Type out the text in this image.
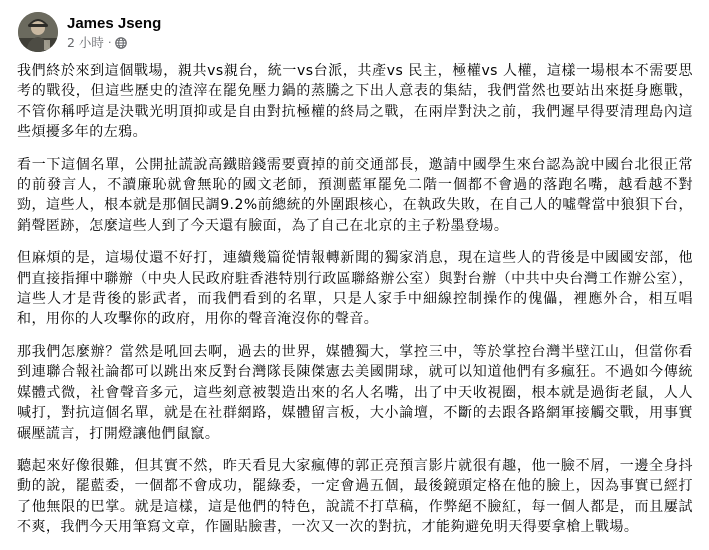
James Jseng
2 小時 ·

我們終於來到這個戰場，親共vs親台，統一vs台派，共產vs 民主，極權vs 人權，這樣一場根本不需要思考的戰役，但這些歷史的渣滓在罷免壓力鍋的蒸騰之下出人意表的集結，我們當然也要站出來挺身應戰，不管你稱呼這是決戰光明頂抑或是自由對抗極權的終局之戰，在兩岸對決之前，我們遲早得要清理島內這些煩擾多年的左鴉。

看一下這個名單，公開扯謊說高鐵賠錢需要賣掉的前交通部長，邀請中國學生來台認為說中國台北很正常的前發言人，不讀廉恥就會無恥的國文老師，預測藍軍罷免二階一個都不會過的落跑名嘴，越看越不對勁，這些人，根本就是那個民調9.2%前總統的外圍跟核心，在執政失敗，在自己人的噓聲當中狼狽下台，銷聲匿跡，怎麼這些人到了今天還有臉面，為了自己在北京的主子粉墨登場。

但麻煩的是，這場仗還不好打，連續幾篇從情報轉新聞的獨家消息，現在這些人的背後是中國國安部，他們直接指揮中聯辦（中央人民政府駐香港特別行政區聯絡辦公室）與對台辦（中共中央台灣工作辦公室），這些人才是背後的影武者，而我們看到的名單，只是人家手中細線控制操作的傀儡，裡應外合，相互唱和，用你的人攻擊你的政府，用你的聲音淹沒你的聲音。

那我們怎麼辦？當然是吼回去啊，過去的世界，媒體獨大，掌控三中，等於掌控台灣半壁江山，但當你看到連聯合報社論都可以跳出來反對台灣隊長陳傑憲去美國開球，就可以知道他們有多瘋狂。不過如今傳統媒體式微，社會聲音多元，這些刻意被製造出來的名人名嘴，出了中天收視圈，根本就是過街老鼠，人人喊打，對抗這個名單，就是在社群網路，媒體留言板，大小論壇，不斷的去跟各路網軍接觸交戰，用事實碾壓謊言，打開燈讓他們鼠竄。

聽起來好像很難，但其實不然，昨天看見大家瘋傳的郭正亮預言影片就很有趣，他一臉不屑，一邊全身抖動的說，罷藍委，一個都不會成功，罷綠委，一定會過五個，最後鏡頭定格在他的臉上，因為事實已經打了他無限的巴掌。就是這樣，這是他們的特色，說謊不打草稿，作弊絕不臉紅，每一個人都是，而且屢試不爽，我們今天用筆寫文章，作圖貼臉書，一次又一次的對抗，才能夠避免明天得要拿槍上戰場。
